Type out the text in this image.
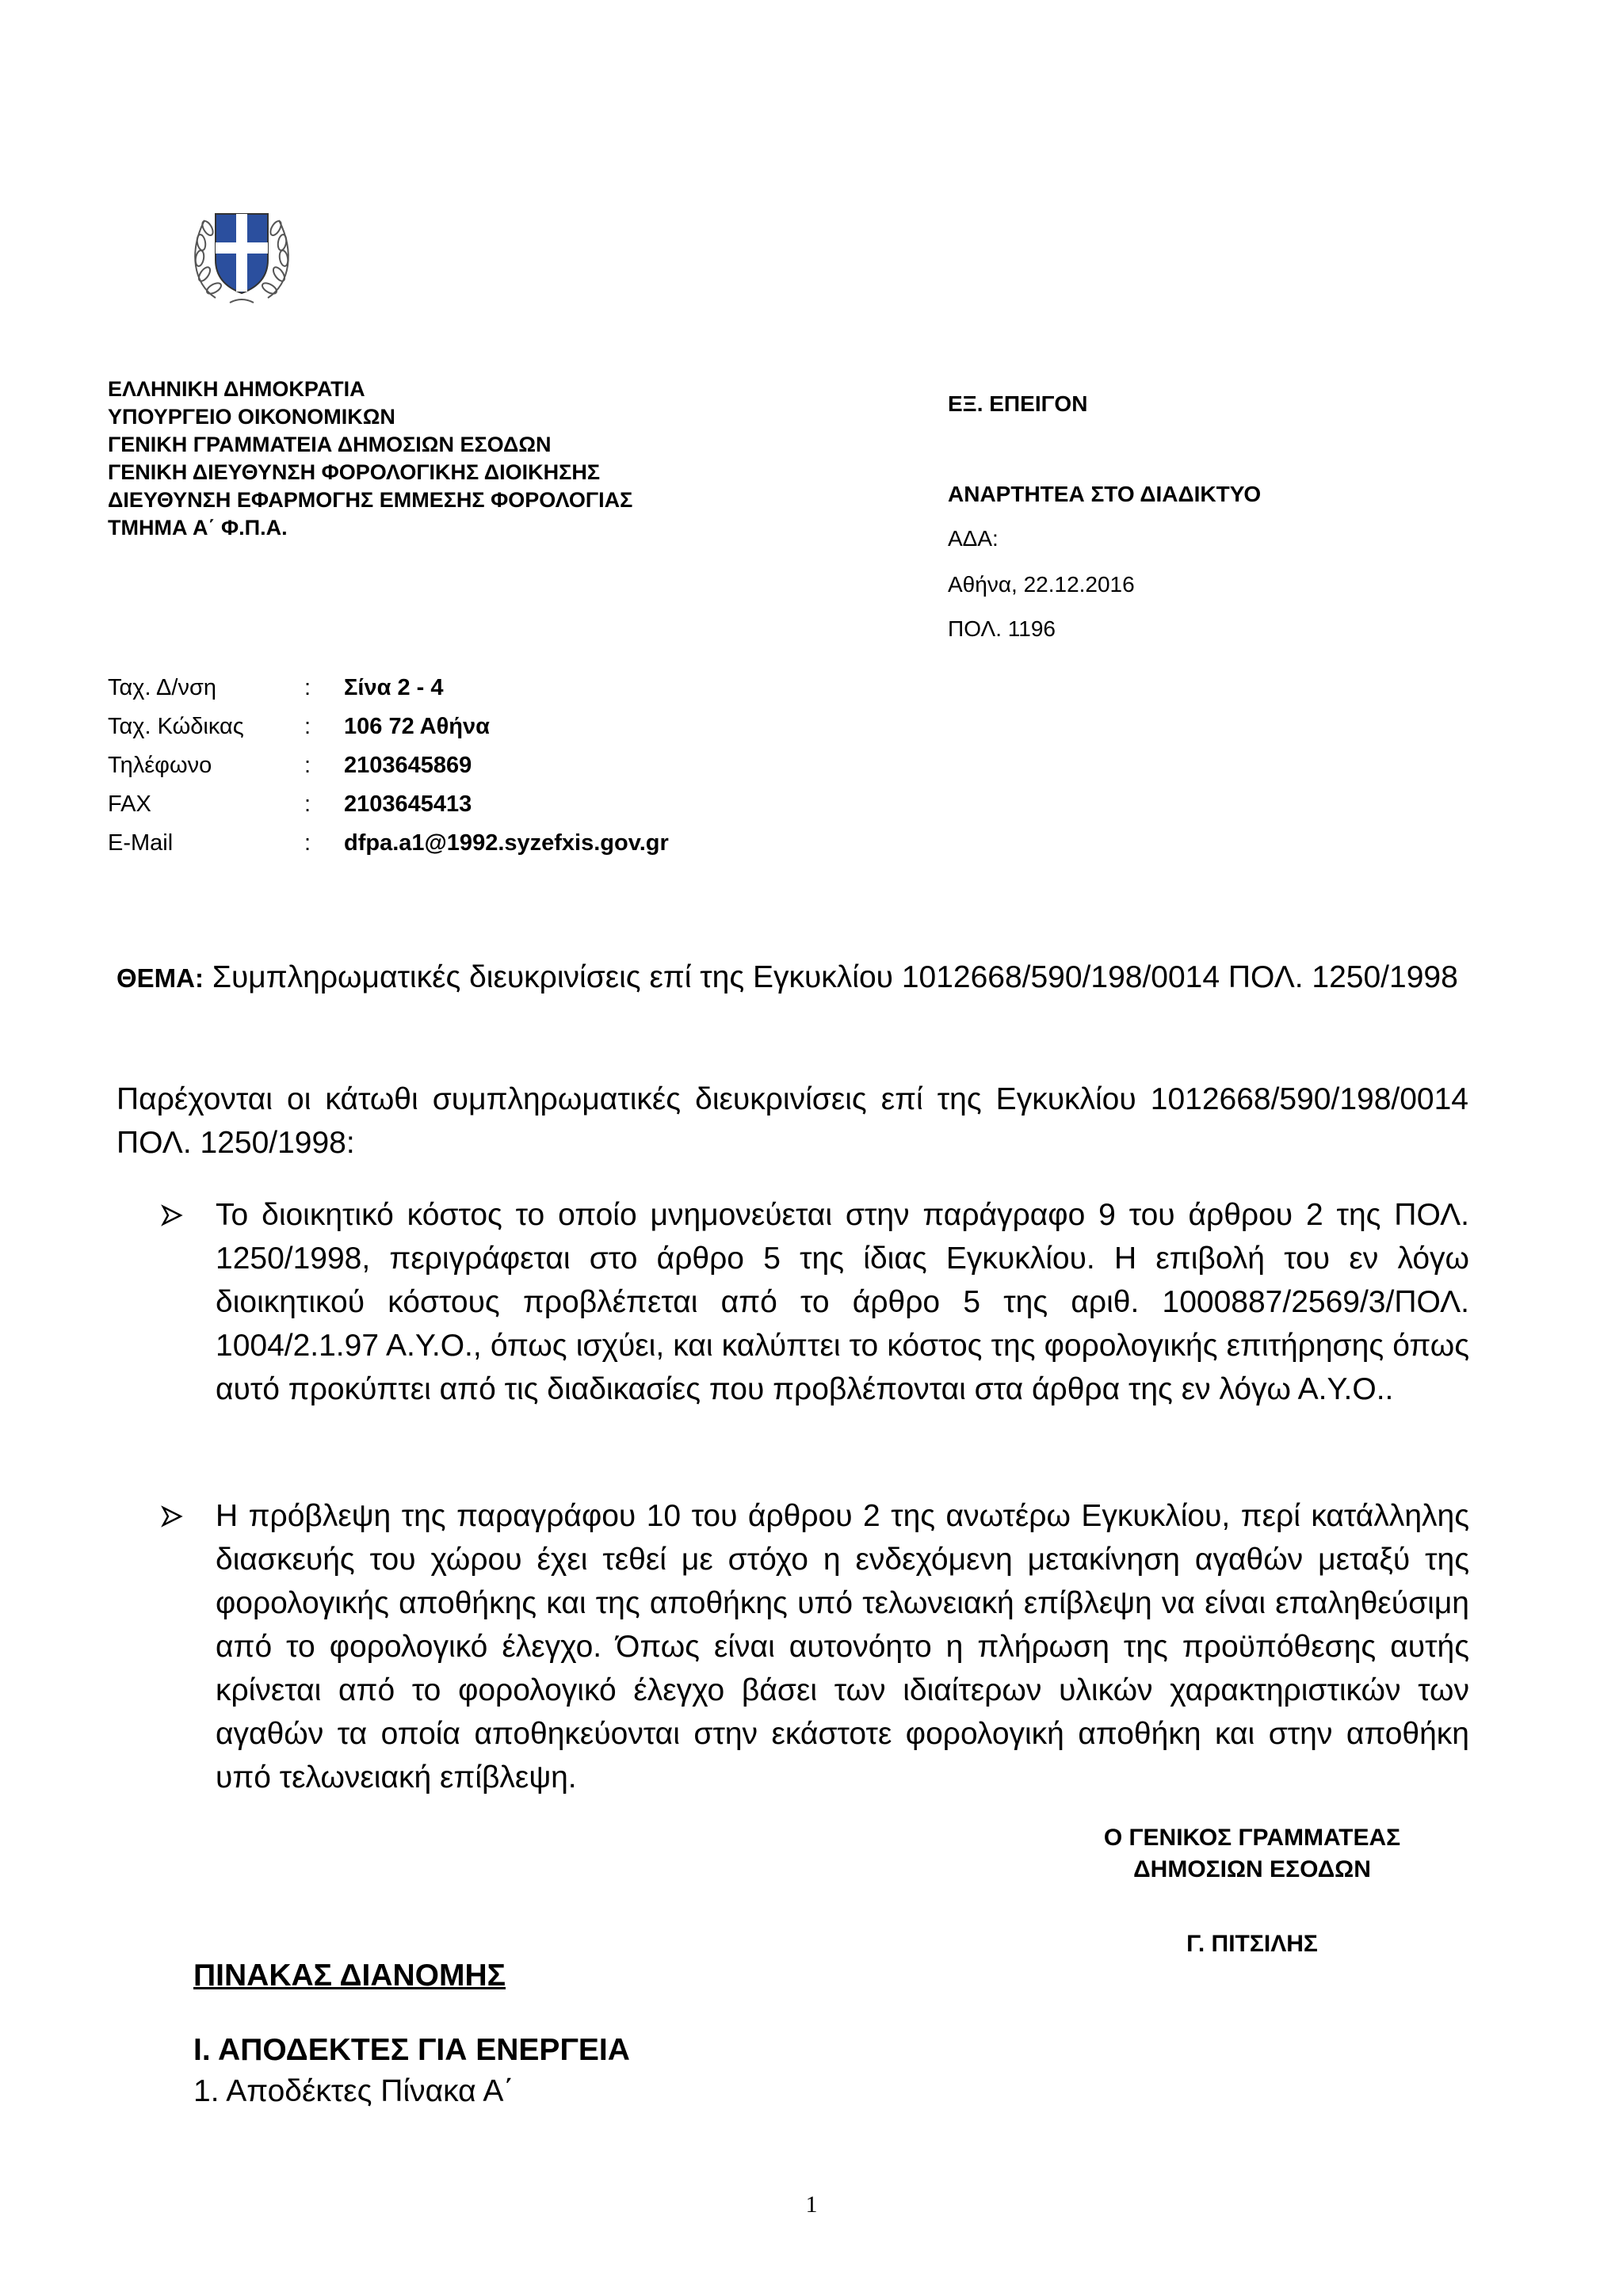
ΕΛΛΗΝΙΚΗ ΔΗΜΟΚΡΑΤΙΑ
ΥΠΟΥΡΓΕΙΟ ΟΙΚΟΝΟΜΙΚΩΝ
ΓΕΝΙΚΗ ΓΡΑΜΜΑΤΕΙΑ ΔΗΜΟΣΙΩΝ ΕΣΟΔΩΝ
ΓΕΝΙΚΗ ΔΙΕΥΘΥΝΣΗ ΦΟΡΟΛΟΓΙΚΗΣ ΔΙΟΙΚΗΣΗΣ
ΔΙΕΥΘΥΝΣΗ ΕΦΑΡΜΟΓΗΣ ΕΜΜΕΣΗΣ ΦΟΡΟΛΟΓΙΑΣ
ΤΜΗΜΑ Α΄ Φ.Π.Α.
ΕΞ. ΕΠΕΙΓΟΝ
ΑΝΑΡΤΗΤΕΑ ΣΤΟ ΔΙΑΔΙΚΤΥΟ
ΑΔΑ:
Αθήνα, 22.12.2016
ΠΟΛ. 1196
Ταχ. Δ/νση	: Σίνα 2 - 4
Ταχ. Κώδικας	: 106 72 Αθήνα
Τηλέφωνο	: 2103645869
FAX	: 2103645413
E-Mail	: dfpa.a1@1992.syzefxis.gov.gr
ΘΕΜΑ: Συμπληρωματικές διευκρινίσεις επί της Εγκυκλίου 1012668/590/198/0014 ΠΟΛ. 1250/1998
Παρέχονται οι κάτωθι συμπληρωματικές διευκρινίσεις επί της Εγκυκλίου 1012668/590/198/0014 ΠΟΛ. 1250/1998:
Το διοικητικό κόστος το οποίο μνημονεύεται στην παράγραφο 9 του άρθρου 2 της ΠΟΛ. 1250/1998, περιγράφεται στο άρθρο 5 της ίδιας Εγκυκλίου. Η επιβολή του εν λόγω διοικητικού κόστους προβλέπεται από το άρθρο 5 της αριθ. 1000887/2569/3/ΠΟΛ. 1004/2.1.97 Α.Υ.Ο., όπως ισχύει, και καλύπτει το κόστος της φορολογικής επιτήρησης όπως αυτό προκύπτει από τις διαδικασίες που προβλέπονται στα άρθρα της εν λόγω Α.Υ.Ο..
Η πρόβλεψη της παραγράφου 10 του άρθρου 2 της ανωτέρω Εγκυκλίου, περί κατάλληλης διασκευής του χώρου έχει τεθεί με στόχο η ενδεχόμενη μετακίνηση αγαθών μεταξύ της φορολογικής αποθήκης και της αποθήκης υπό τελωνειακή επίβλεψη να είναι επαληθεύσιμη από το φορολογικό έλεγχο. Όπως είναι αυτονόητο η πλήρωση της προϋπόθεσης αυτής κρίνεται από το φορολογικό έλεγχο βάσει των ιδιαίτερων υλικών χαρακτηριστικών των αγαθών τα οποία αποθηκεύονται στην εκάστοτε φορολογική αποθήκη και στην αποθήκη υπό τελωνειακή επίβλεψη.
Ο ΓΕΝΙΚΟΣ ΓΡΑΜΜΑΤΕΑΣ
ΔΗΜΟΣΙΩΝ ΕΣΟΔΩΝ
Γ. ΠΙΤΣΙΛΗΣ
ΠΙΝΑΚΑΣ ΔΙΑΝΟΜΗΣ
Ι. ΑΠΟΔΕΚΤΕΣ ΓΙΑ ΕΝΕΡΓΕΙΑ
1. Αποδέκτες Πίνακα Α΄
1
